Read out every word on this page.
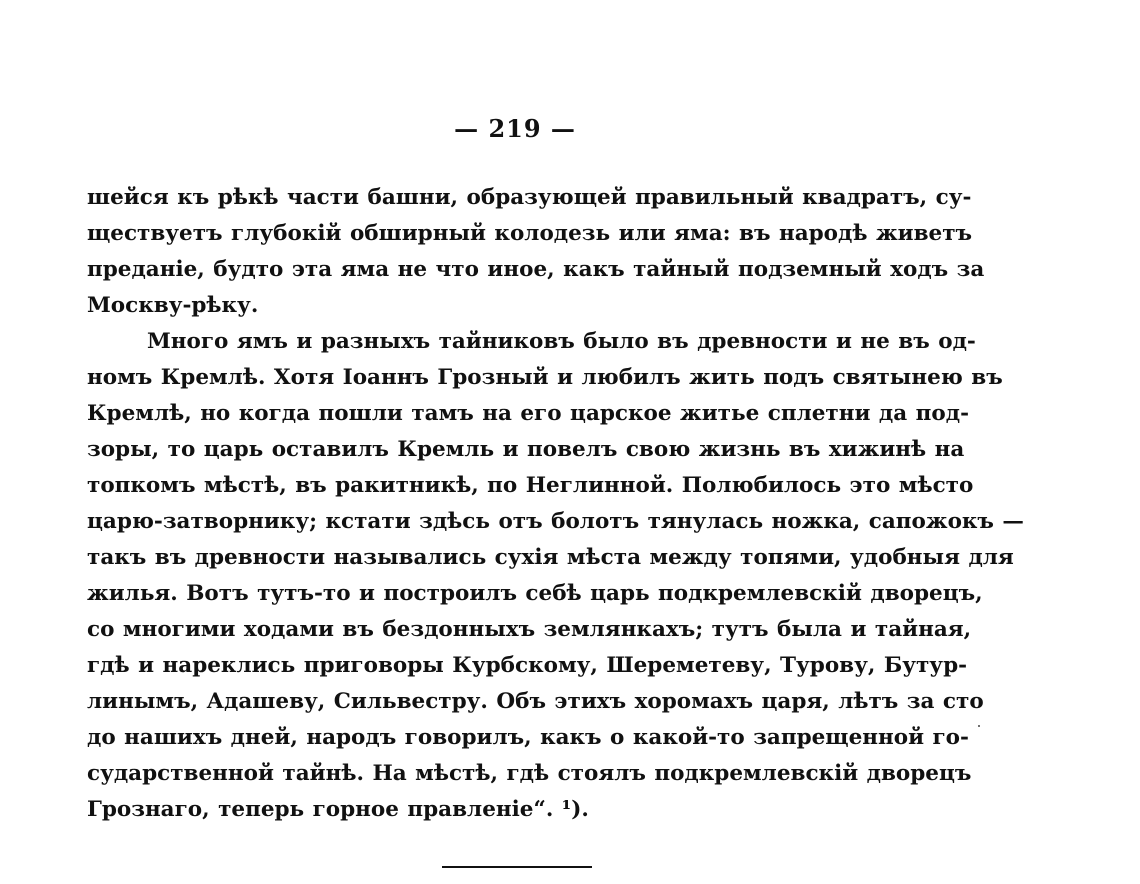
— 219 —
шейся къ рѣкѣ части башни, образующей правильный квадратъ, су-
ществуетъ глубокій обширный колодезь или яма: въ народѣ живетъ
преданіе, будто эта яма не что иное, какъ тайный подземный ходъ за
Москву-рѣку.
Много ямъ и разныхъ тайниковъ было въ древности и не въ од-
номъ Кремлѣ. Хотя Іоаннъ Грозный и любилъ жить подъ святынею въ
Кремлѣ, но когда пошли тамъ на его царское житье сплетни да под-
зоры, то царь оставилъ Кремль и повелъ свою жизнь въ хижинѣ на
топкомъ мѣстѣ, въ ракитникѣ, по Неглинной. Полюбилось это мѣсто
царю-затворнику; кстати здѣсь отъ болотъ тянулась ножка, сапожокъ —
такъ въ древности назывались сухія мѣста между топями, удобныя для
жилья. Вотъ тутъ-то и построилъ себѣ царь подкремлевскій дворецъ,
со многими ходами въ бездонныхъ землянкахъ; тутъ была и тайная,
гдѣ и нареклись приговоры Курбскому, Шереметеву, Турову, Бутур-
линымъ, Адашеву, Сильвестру. Объ этихъ хоромахъ царя, лѣтъ за сто
до нашихъ дней, народъ говорилъ, какъ о какой-то запрещенной го-
сударственной тайнѣ. На мѣстѣ, гдѣ стоялъ подкремлевскій дворецъ
Грознаго, теперь горное правленіе“. ¹).
